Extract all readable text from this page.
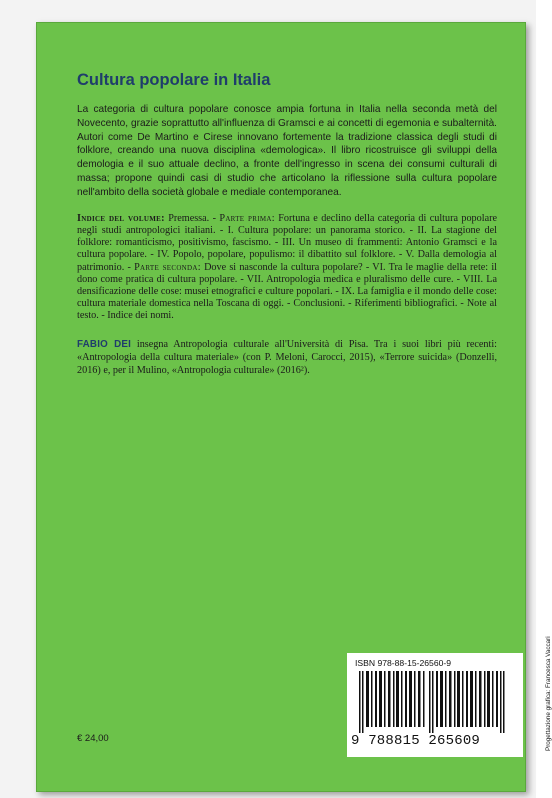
Cultura popolare in Italia

La categoria di cultura popolare conosce ampia fortuna in Italia nella seconda metà del Novecento, grazie soprattutto all'influenza di Gramsci e ai concetti di egemonia e subalternità. Autori come De Martino e Cirese innovano fortemente la tradizione classica degli studi di folklore, creando una nuova disciplina «demologica». Il libro ricostruisce gli sviluppi della demologia e il suo attuale declino, a fronte dell'ingresso in scena dei consumi culturali di massa; propone quindi casi di studio che articolano la riflessione sulla cultura popolare nell'ambito della società globale e mediale contemporanea.

Indice del volume: Premessa. - Parte prima: Fortuna e declino della categoria di cultura popolare negli studi antropologici italiani. - I. Cultura popolare: un panorama storico. - II. La stagione del folklore: romanticismo, positivismo, fascismo. - III. Un museo di frammenti: Antonio Gramsci e la cultura popolare. - IV. Popolo, popolare, populismo: il dibattito sul folklore. - V. Dalla demologia al patrimonio. - Parte seconda: Dove si nasconde la cultura popolare? - VI. Tra le maglie della rete: il dono come pratica di cultura popolare. - VII. Antropologia medica e pluralismo delle cure. - VIII. La densificazione delle cose: musei etnografici e culture popolari. - IX. La famiglia e il mondo delle cose: cultura materiale domestica nella Toscana di oggi. - Conclusioni. - Riferimenti bibliografici. - Note al testo. - Indice dei nomi.

FABIO DEI insegna Antropologia culturale all'Università di Pisa. Tra i suoi libri più recenti: «Antropologia della cultura materiale» (con P. Meloni, Carocci, 2015), «Terrore suicida» (Donzelli, 2016) e, per il Mulino, «Antropologia culturale» (2016²).

ISBN 978-88-15-26560-9
9 788815 265609
€ 24,00	Progettazione grafica: Francesca Vaccari
